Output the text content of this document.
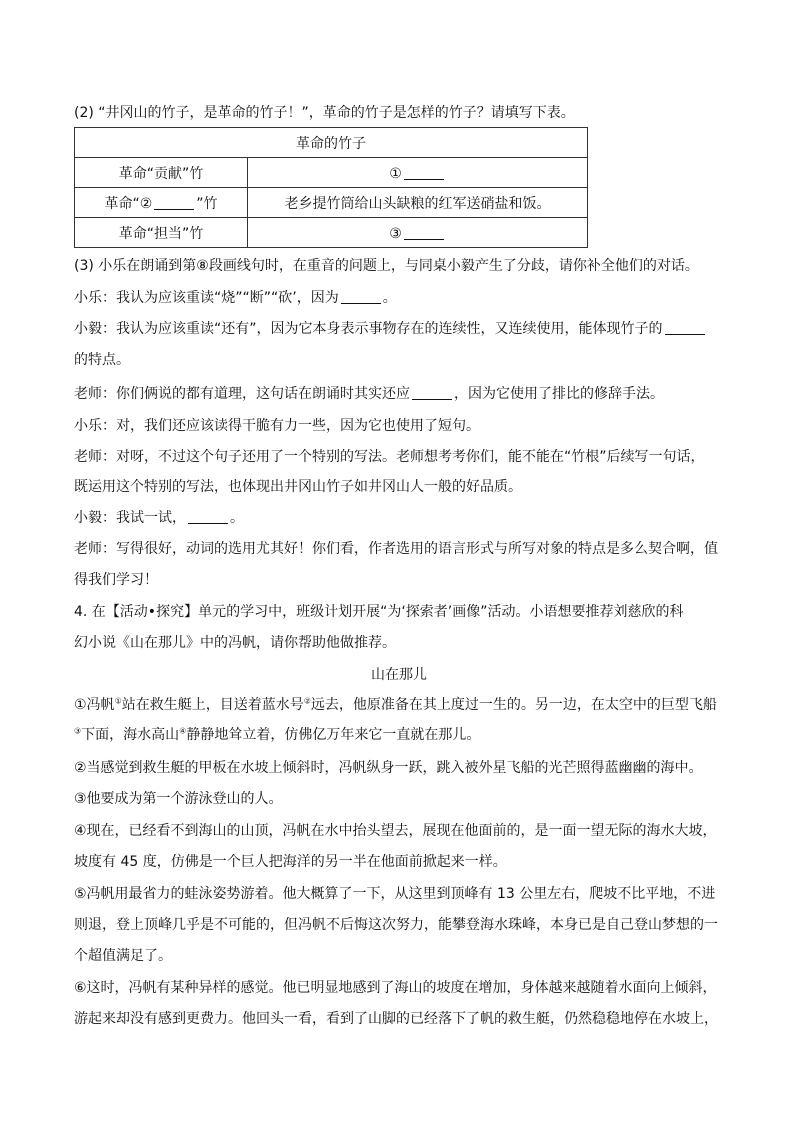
(2) “井冈山的竹子，是革命的竹子！”，革命的竹子是怎样的竹子？请填写下表。
革命的竹子	
革命“贡献”竹	①
革命“② ”竹	老乡提竹筒给山头缺粮的红军送硝盐和饭。
革命“担当”竹	③
(3) 小乐在朗诵到第⑧段画线句时，在重音的问题上，与同桌小毅产生了分歧，请你补全他们的对话。
小乐：我认为应该重读“烧”“断”“砍’，因为	。
小毅：我认为应该重读“还有”，因为它本身表示事物存在的连续性，又连续使用，能体现竹子的
的特点。
老师：你们俩说的都有道理，这句话在朗诵时其实还应	，因为它使用了排比的修辞手法。
小乐：对，我们还应该读得干脆有力一些，因为它也使用了短句。
老师：对呀，不过这个句子还用了一个特别的写法。老师想考考你们，能不能在“竹根”后续写一句话，
既运用这个特别的写法，也体现出井冈山竹子如井冈山人一般的好品质。
小毅：我试一试，	。
老师：写得很好，动词的选用尤其好！你们看，作者选用的语言形式与所写对象的特点是多么契合啊，值
得我们学习！
4. 在【活动•探究】单元的学习中，班级计划开展“为‘探索者’画像”活动。小语想要推荐刘慈欣的科
幻小说《山在那儿》中的冯帆，请你帮助他做推荐。
山在那儿
①冯帆①站在救生艇上，目送着蓝水号②远去，他原准备在其上度过一生的。另一边，在太空中的巨型飞船
③下面，海水高山④静静地耸立着，仿佛亿万年来它一直就在那儿。
②当感觉到救生艇的甲板在水坡上倾斜时，冯帆纵身一跃，跳入被外星飞船的光芒照得蓝幽幽的海中。
③他要成为第一个游泳登山的人。
④现在，已经看不到海山的山顶，冯帆在水中抬头望去，展现在他面前的，是一面一望无际的海水大坡，
坡度有 45 度，仿佛是一个巨人把海洋的另一半在他面前掀起来一样。
⑤冯帆用最省力的蛙泳姿势游着。他大概算了一下，从这里到顶峰有 13 公里左右，爬坡不比平地，不进
则退，登上顶峰几乎是不可能的，但冯帆不后悔这次努力，能攀登海水珠峰，本身已是自己登山梦想的一
个超值满足了。
⑥这时，冯帆有某种异样的感觉。他已明显地感到了海山的坡度在增加，身体越来越随着水面向上倾斜，
游起来却没有感到更费力。他回头一看，看到了山脚的已经落下了帆的救生艇，仍然稳稳地停在水坡上，
